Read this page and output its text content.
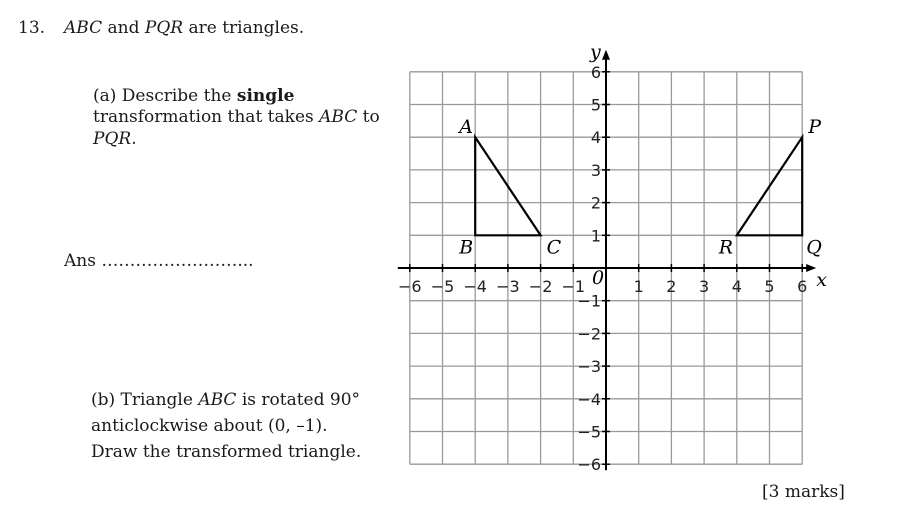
13. ABC and PQR are triangles.
(a) Describe the single
transformation that takes ABC to
PQR.
Ans ……………………...
(b) Triangle ABC is rotated 90°
anticlockwise about (0, –1).
Draw the transformed triangle.
[3 marks]
x
y
0
−6 −5 −4 −3 −2 −1	1 2 3 4 5 6
6
5
4
3
2
1
−1
−2
−3
−4
−5
−6
A
B	C
P
Q
R
